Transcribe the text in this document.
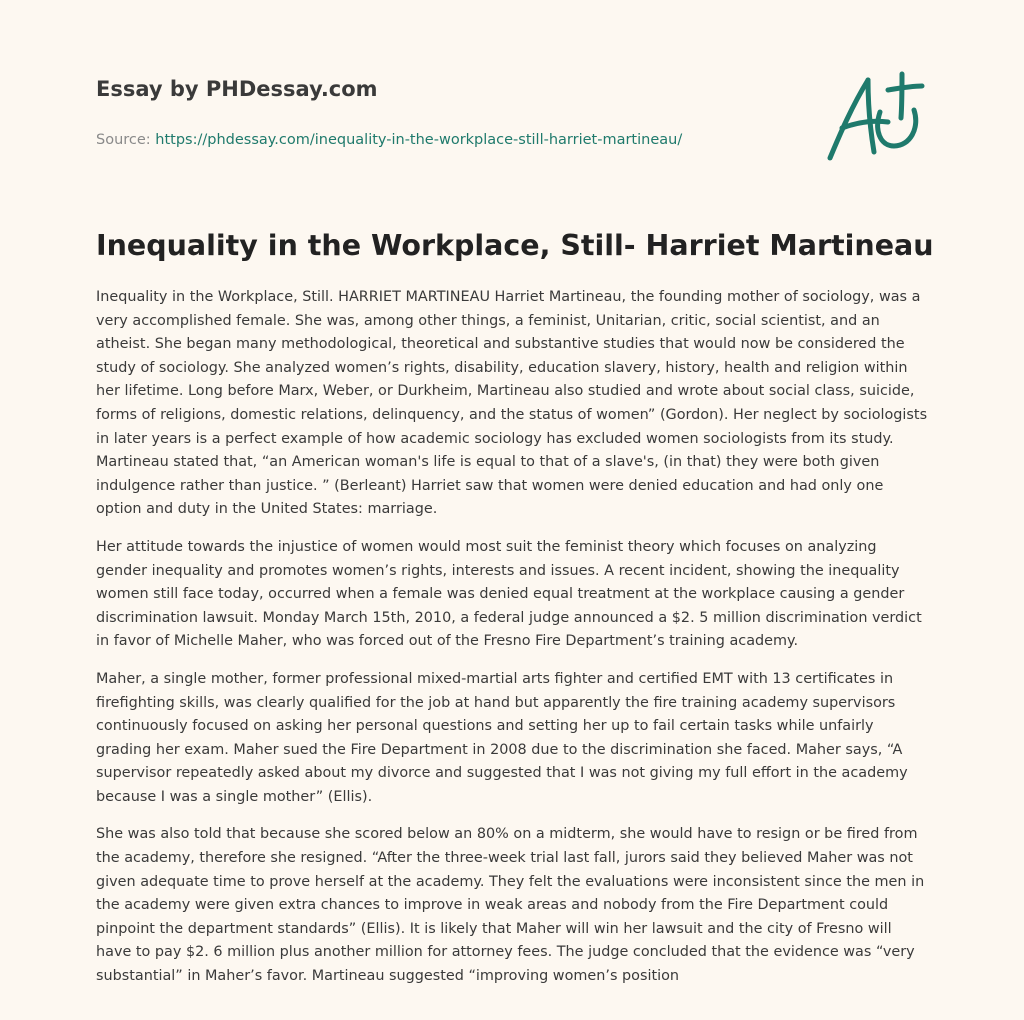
Essay by PHDessay.com
Source: https://phdessay.com/inequality-in-the-workplace-still-harriet-martineau/
Inequality in the Workplace, Still- Harriet Martineau

Inequality in the Workplace, Still. HARRIET MARTINEAU Harriet Martineau, the founding mother of sociology, was a very accomplished female. She was, among other things, a feminist, Unitarian, critic, social scientist, and an atheist. She began many methodological, theoretical and substantive studies that would now be considered the study of sociology. She analyzed women’s rights, disability, education slavery, history, health and religion within her lifetime. Long before Marx, Weber, or Durkheim, Martineau also studied and wrote about social class, suicide, forms of religions, domestic relations, delinquency, and the status of women” (Gordon). Her neglect by sociologists in later years is a perfect example of how academic sociology has excluded women sociologists from its study. Martineau stated that, “an American woman's life is equal to that of a slave's, (in that) they were both given indulgence rather than justice. ” (Berleant) Harriet saw that women were denied education and had only one option and duty in the United States: marriage.

Her attitude towards the injustice of women would most suit the feminist theory which focuses on analyzing gender inequality and promotes women’s rights, interests and issues. A recent incident, showing the inequality women still face today, occurred when a female was denied equal treatment at the workplace causing a gender discrimination lawsuit. Monday March 15th, 2010, a federal judge announced a $2. 5 million discrimination verdict in favor of Michelle Maher, who was forced out of the Fresno Fire Department’s training academy.

Maher, a single mother, former professional mixed-martial arts fighter and certified EMT with 13 certificates in firefighting skills, was clearly qualified for the job at hand but apparently the fire training academy supervisors continuously focused on asking her personal questions and setting her up to fail certain tasks while unfairly grading her exam. Maher sued the Fire Department in 2008 due to the discrimination she faced. Maher says, “A supervisor repeatedly asked about my divorce and suggested that I was not giving my full effort in the academy because I was a single mother” (Ellis).

She was also told that because she scored below an 80% on a midterm, she would have to resign or be fired from the academy, therefore she resigned. “After the three-week trial last fall, jurors said they believed Maher was not given adequate time to prove herself at the academy. They felt the evaluations were inconsistent since the men in the academy were given extra chances to improve in weak areas and nobody from the Fire Department could pinpoint the department standards” (Ellis). It is likely that Maher will win her lawsuit and the city of Fresno will have to pay $2. 6 million plus another million for attorney fees. The judge concluded that the evidence was “very substantial” in Maher’s favor. Martineau suggested “improving women’s position
